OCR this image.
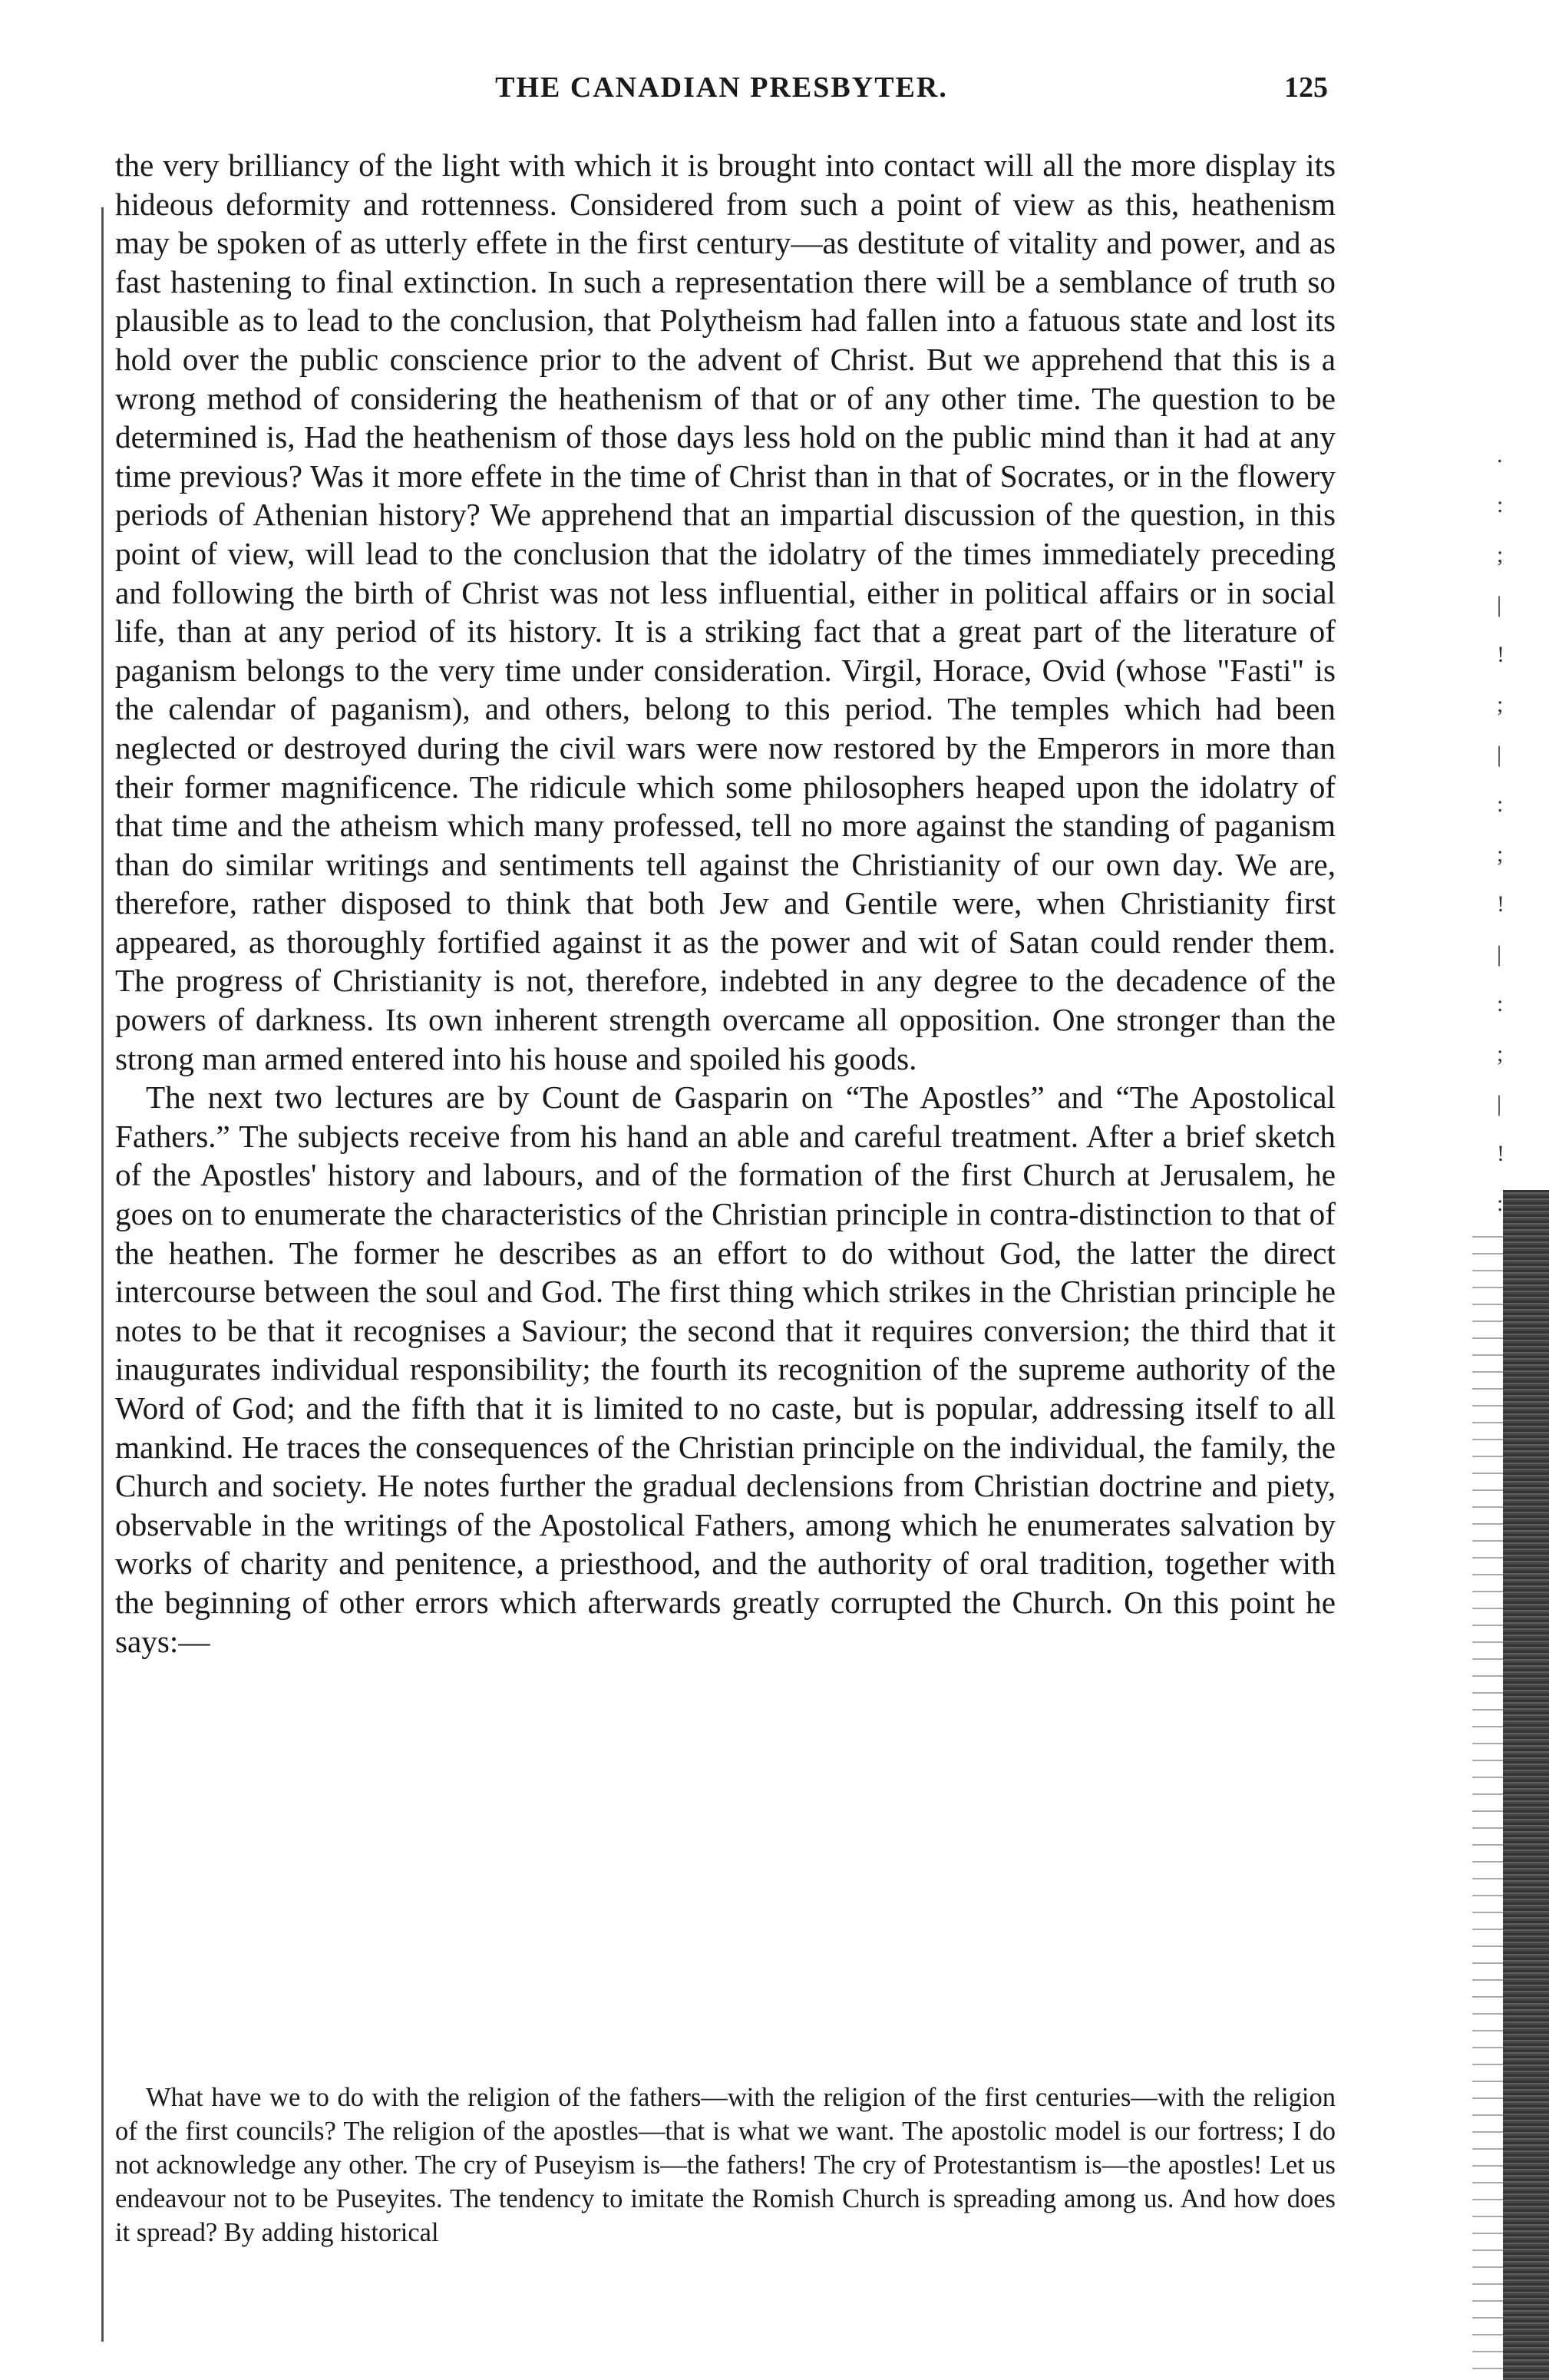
THE CANADIAN PRESBYTER.	125

the very brilliancy of the light with which it is brought into contact will all the more display its hideous deformity and rottenness. Considered from such a point of view as this, heathenism may be spoken of as utterly effete in the first century—as destitute of vitality and power, and as fast hastening to final extinction. In such a representation there will be a semblance of truth so plausible as to lead to the conclusion, that Polytheism had fallen into a fatuous state and lost its hold over the public conscience prior to the advent of Christ. But we apprehend that this is a wrong method of considering the heathenism of that or of any other time. The question to be determined is, Had the heathenism of those days less hold on the public mind than it had at any time previous? Was it more effete in the time of Christ than in that of Socrates, or in the flowery periods of Athenian history? We apprehend that an impartial discussion of the question, in this point of view, will lead to the conclusion that the idolatry of the times immediately preceding and following the birth of Christ was not less influential, either in political affairs or in social life, than at any period of its history. It is a striking fact that a great part of the literature of paganism belongs to the very time under consideration. Virgil, Horace, Ovid (whose "Fasti" is the calendar of paganism), and others, belong to this period. The temples which had been neglected or destroyed during the civil wars were now restored by the Emperors in more than their former magnificence. The ridicule which some philosophers heaped upon the idolatry of that time and the atheism which many professed, tell no more against the standing of paganism than do similar writings and sentiments tell against the Christianity of our own day. We are, therefore, rather disposed to think that both Jew and Gentile were, when Christianity first appeared, as thoroughly fortified against it as the power and wit of Satan could render them. The progress of Christianity is not, therefore, indebted in any degree to the decadence of the powers of darkness. Its own inherent strength overcame all opposition. One stronger than the strong man armed entered into his house and spoiled his goods.

The next two lectures are by Count de Gasparin on “The Apostles” and “The Apostolical Fathers.” The subjects receive from his hand an able and careful treatment. After a brief sketch of the Apostles' history and labours, and of the formation of the first Church at Jerusalem, he goes on to enumerate the characteristics of the Christian principle in contra-distinction to that of the heathen. The former he describes as an effort to do without God, the latter the direct intercourse between the soul and God. The first thing which strikes in the Christian principle he notes to be that it recognises a Saviour; the second that it requires conversion; the third that it inaugurates individual responsibility; the fourth its recognition of the supreme authority of the Word of God; and the fifth that it is limited to no caste, but is popular, addressing itself to all mankind. He traces the consequences of the Christian principle on the individual, the family, the Church and society. He notes further the gradual declensions from Christian doctrine and piety, observable in the writings of the Apostolical Fathers, among which he enumerates salvation by works of charity and penitence, a priesthood, and the authority of oral tradition, together with the beginning of other errors which afterwards greatly corrupted the Church. On this point he says:—

What have we to do with the religion of the fathers—with the religion of the first centuries—with the religion of the first councils? The religion of the apostles—that is what we want. The apostolic model is our fortress; I do not acknowledge any other. The cry of Puseyism is—the fathers! The cry of Protestantism is—the apostles! Let us endeavour not to be Puseyites. The tendency to imitate the Romish Church is spreading among us. And how does it spread? By adding historical

.
:
;
|
!
;
|
:
;
!
|
:
;
|
!
:
